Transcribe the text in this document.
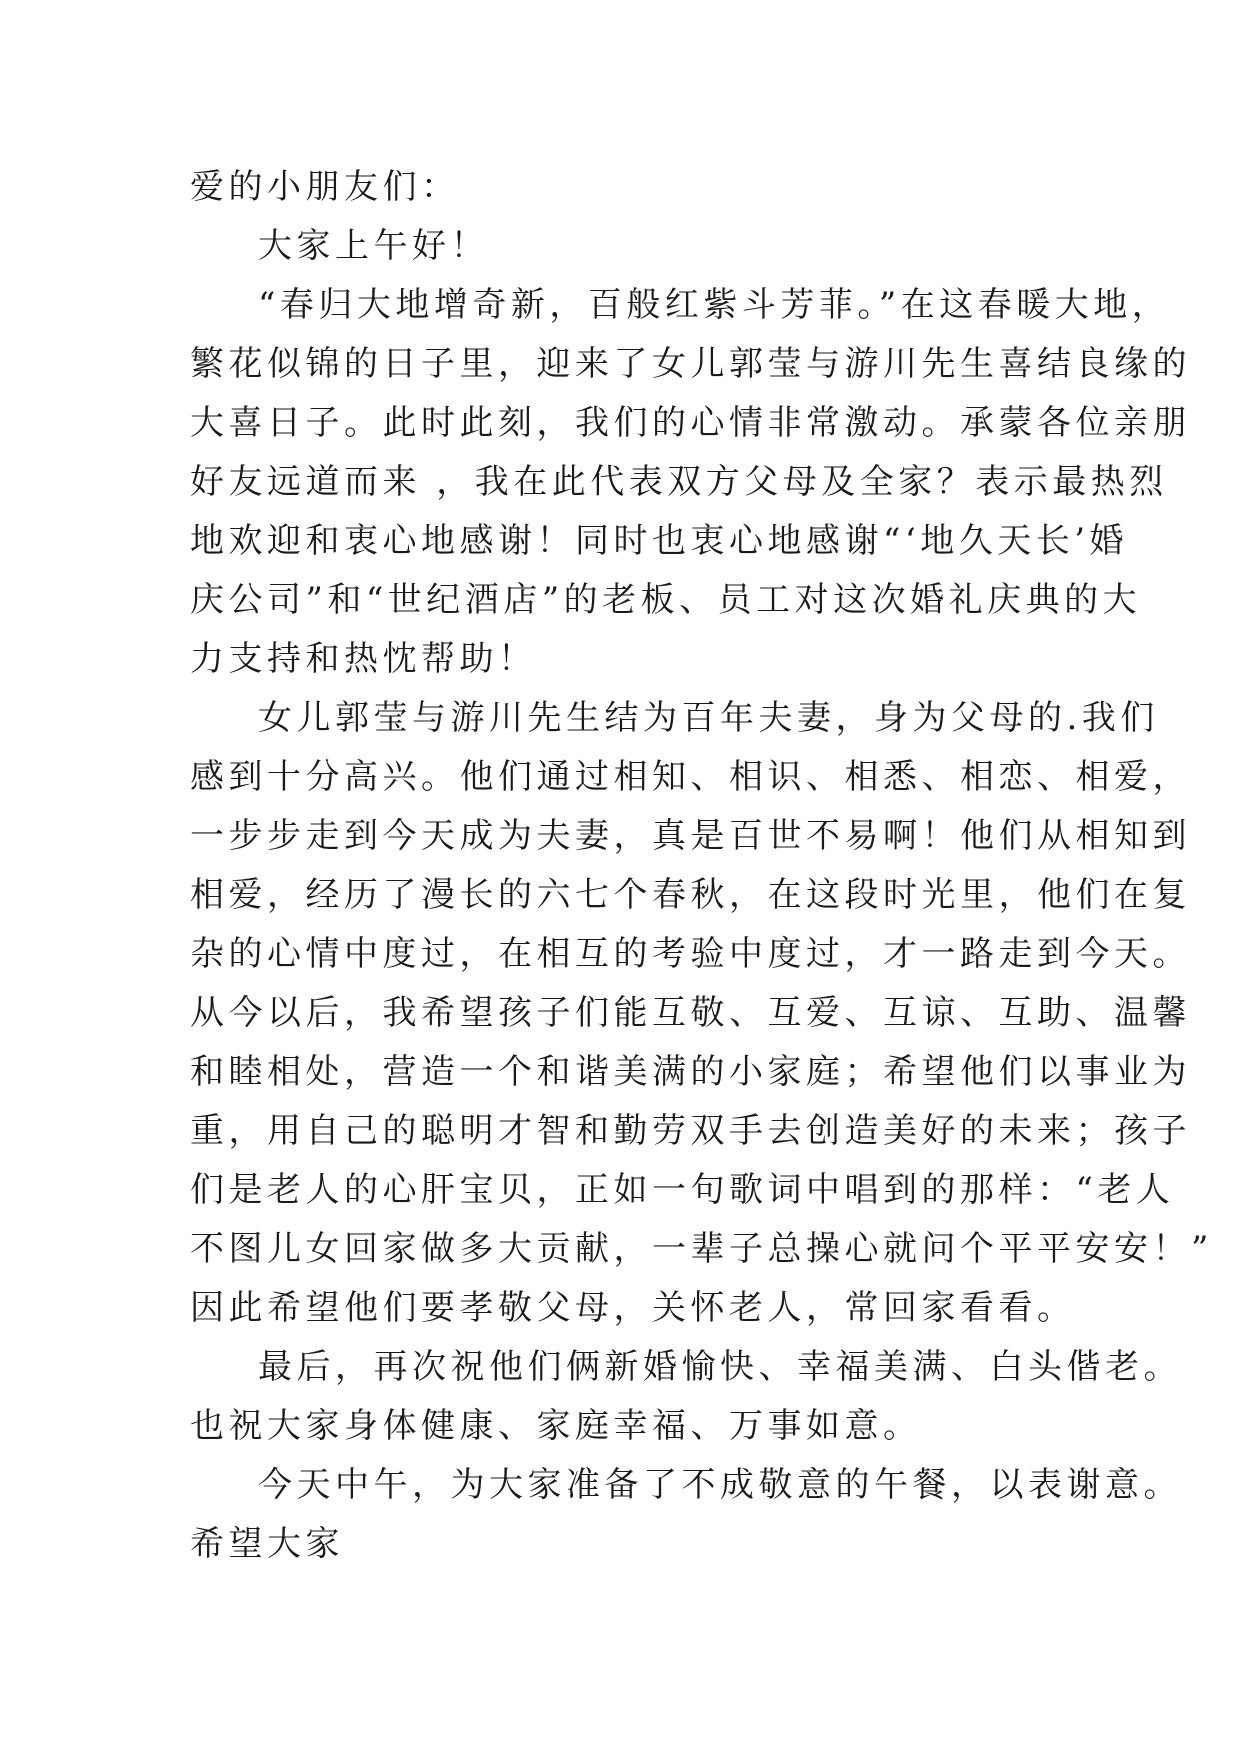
爱的小朋友们：
大家上午好！
“春归大地增奇新，百般红紫斗芳菲。”在这春暖大地，
繁花似锦的日子里，迎来了女儿郭莹与游川先生喜结良缘的
大喜日子。此时此刻，我们的心情非常激动。承蒙各位亲朋
好友远道而来 ，我在此代表双方父母及全家？表示最热烈
地欢迎和衷心地感谢！同时也衷心地感谢“‘地久天长’婚
庆公司”和“世纪酒店”的老板、员工对这次婚礼庆典的大
力支持和热忱帮助！
女儿郭莹与游川先生结为百年夫妻，身为父母的.我们
感到十分高兴。他们通过相知、相识、相悉、相恋、相爱，
一步步走到今天成为夫妻，真是百世不易啊！他们从相知到
相爱，经历了漫长的六七个春秋，在这段时光里，他们在复
杂的心情中度过，在相互的考验中度过，才一路走到今天。
从今以后，我希望孩子们能互敬、互爱、互谅、互助、温馨
和睦相处，营造一个和谐美满的小家庭；希望他们以事业为
重，用自己的聪明才智和勤劳双手去创造美好的未来；孩子
们是老人的心肝宝贝，正如一句歌词中唱到的那样：“老人
不图儿女回家做多大贡献，一辈子总操心就问个平平安安！”
因此希望他们要孝敬父母，关怀老人，常回家看看。
最后，再次祝他们俩新婚愉快、幸福美满、白头偕老。
也祝大家身体健康、家庭幸福、万事如意。
今天中午，为大家准备了不成敬意的午餐，以表谢意。
希望大家
